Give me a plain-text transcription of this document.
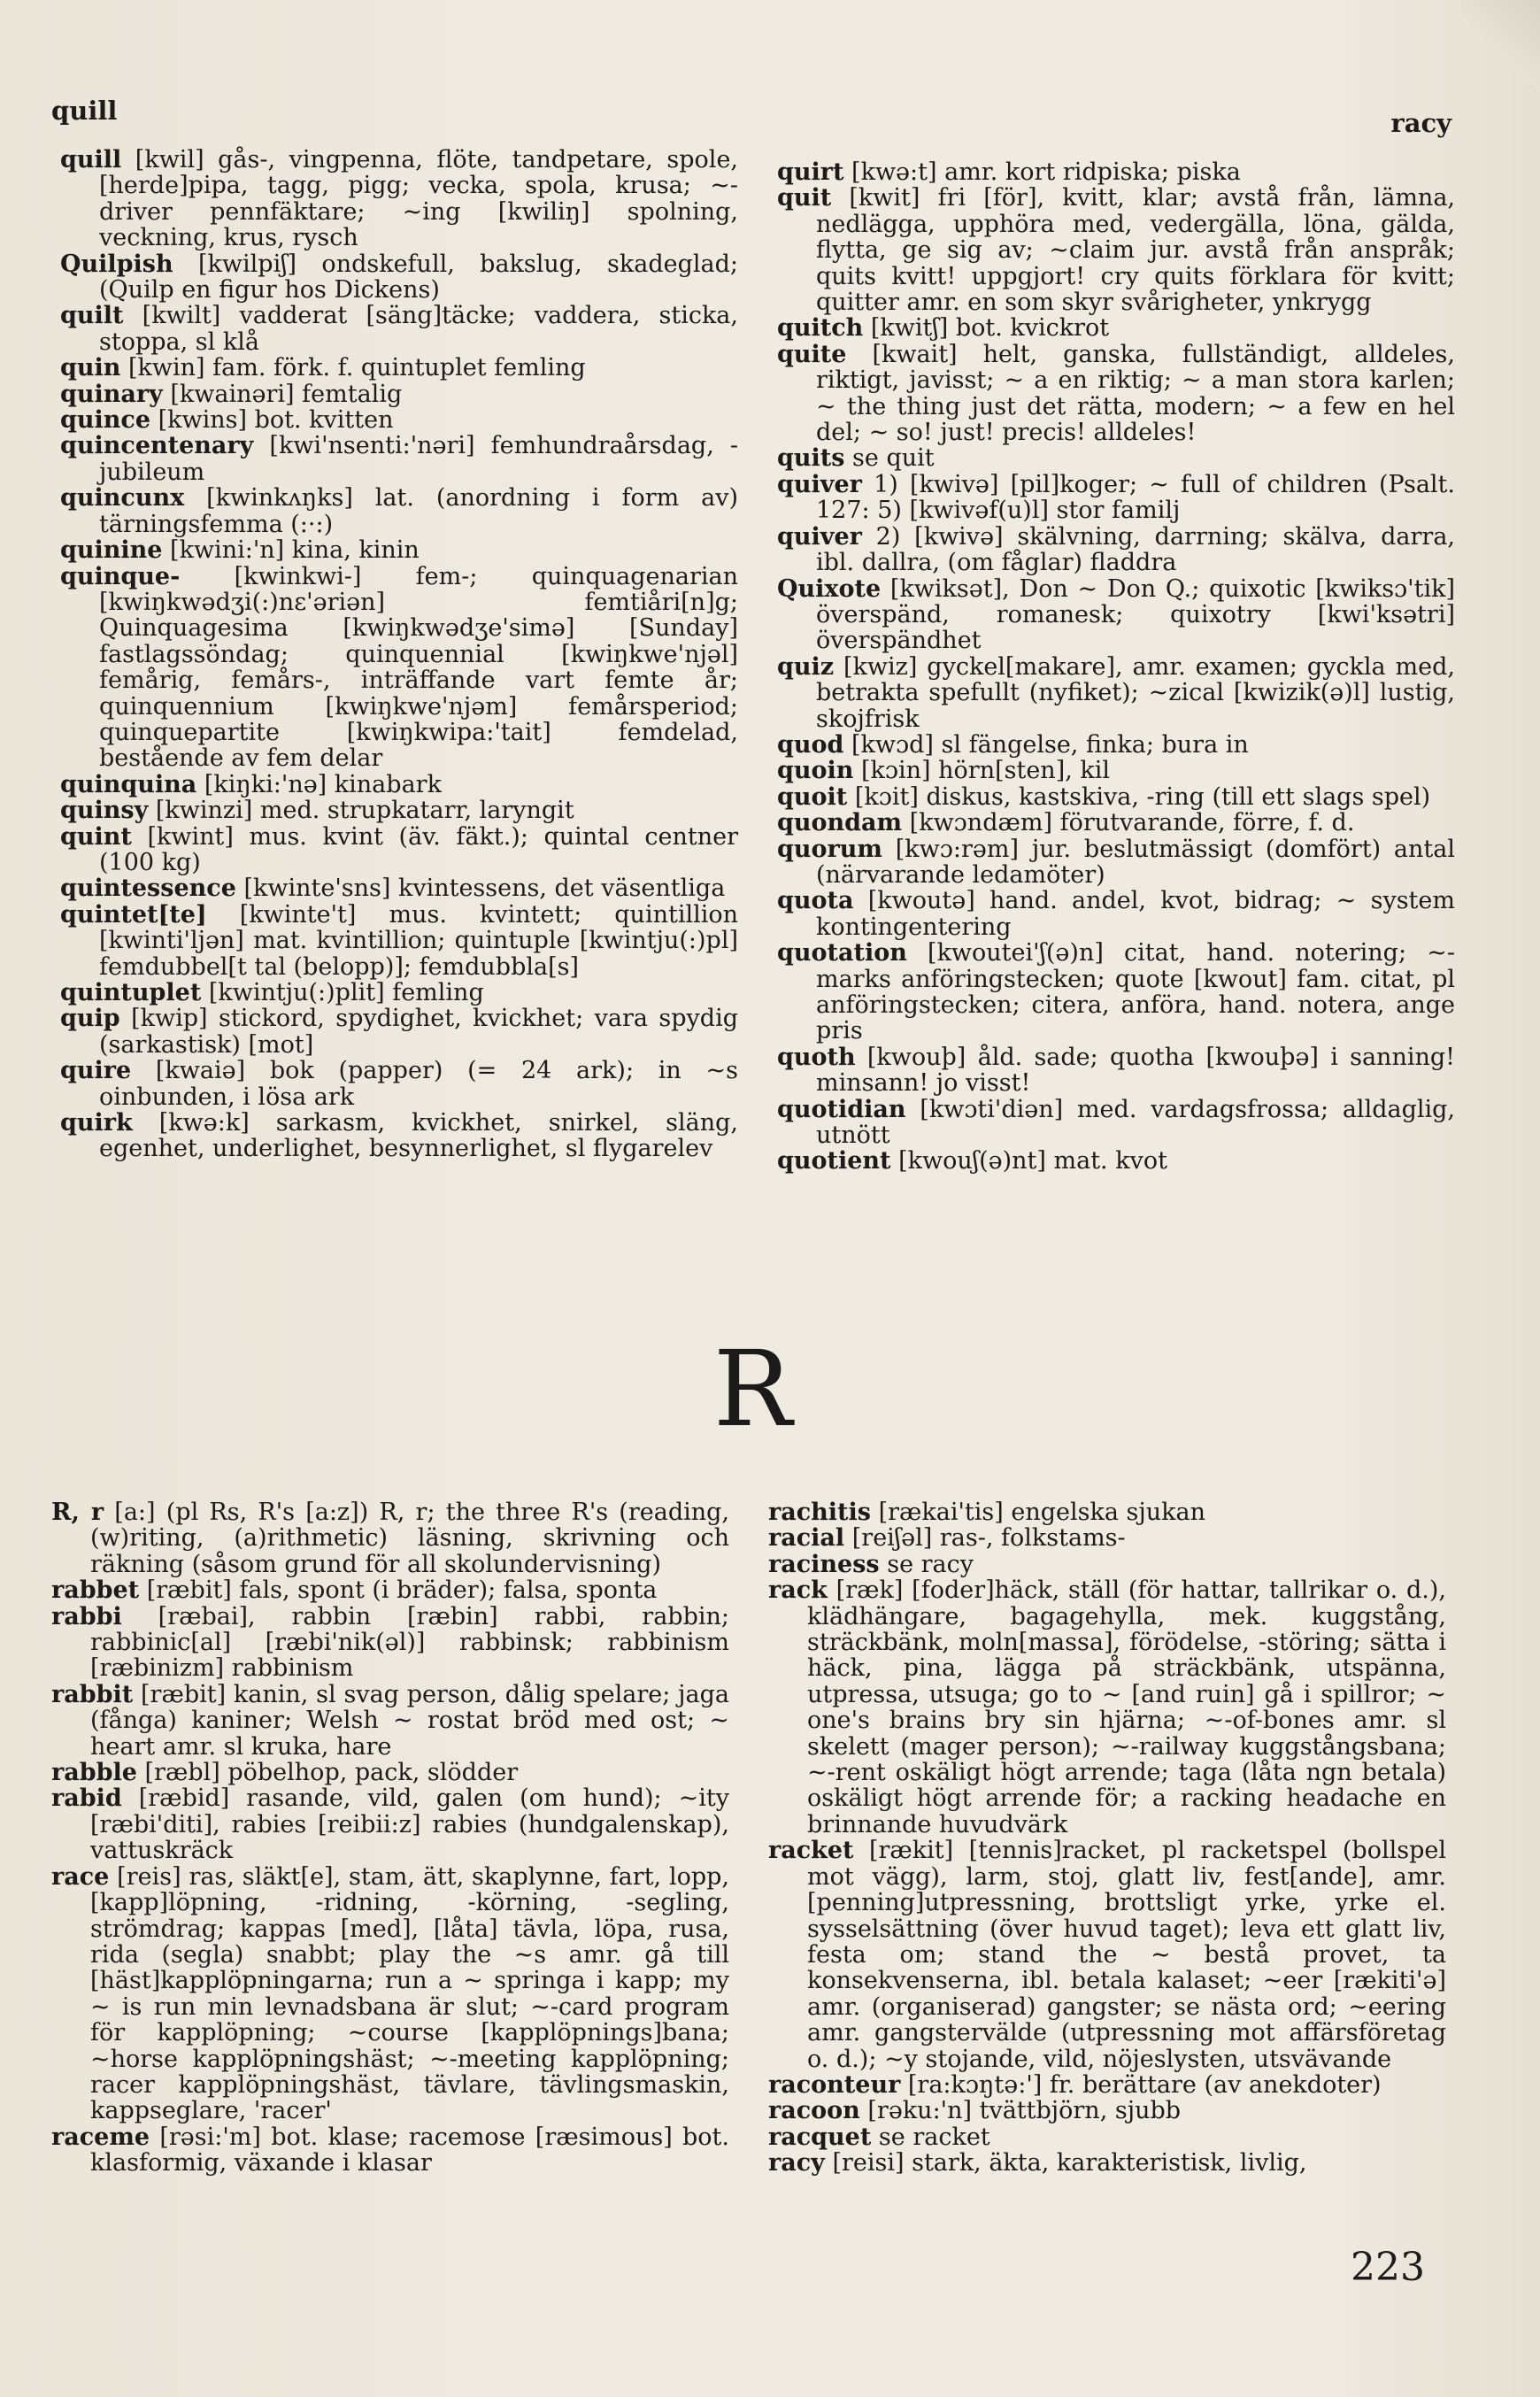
quill	racy

quill [kwil] gås-, vingpenna, flöte, tandpetare, spole, [herde]pipa, tagg, pigg; vecka, spola, krusa; ~-driver pennfäktare; ~ing [kwiliŋ] spolning, veckning, krus, rysch

Quilpish [kwilpiʃ] ondskefull, bakslug, skadeglad; (Quilp en figur hos Dickens)

quilt [kwilt] vadderat [säng]täcke; vaddera, sticka, stoppa, sl klå

quin [kwin] fam. förk. f. quintuplet femling

quinary [kwainəri] femtalig

quince [kwins] bot. kvitten

quincentenary [kwi'nsenti:'nəri] femhundraårsdag, -jubileum

quincunx [kwinkʌŋks] lat. (anordning i form av) tärningsfemma (:·:)

quinine [kwini:'n] kina, kinin

quinque- [kwinkwi-] fem-; quinquagenarian [kwiŋkwədʒi(:)nɛ'əriən] femtiåri[n]g; Quinquagesima [kwiŋkwədʒe'simə] [Sunday] fastlagssöndag; quinquennial [kwiŋkwe'njəl] femårig, femårs-, inträffande vart femte år; quinquennium [kwiŋkwe'njəm] femårsperiod; quinquepartite [kwiŋkwipa:'tait] femdelad, bestående av fem delar

quinquina [kiŋki:'nə] kinabark

quinsy [kwinzi] med. strupkatarr, laryngit

quint [kwint] mus. kvint (äv. fäkt.); quintal centner (100 kg)

quintessence [kwinte'sns] kvintessens, det väsentliga

quintet[te] [kwinte't] mus. kvintett; quintillion [kwinti'ljən] mat. kvintillion; quintuple [kwintju(:)pl] femdubbel[t tal (belopp)]; femdubbla[s]

quintuplet [kwintju(:)plit] femling

quip [kwip] stickord, spydighet, kvickhet; vara spydig (sarkastisk) [mot]

quire [kwaiə] bok (papper) (= 24 ark); in ~s oinbunden, i lösa ark

quirk [kwə:k] sarkasm, kvickhet, snirkel, släng, egenhet, underlighet, besynnerlighet, sl flygarelev

quirt [kwə:t] amr. kort ridpiska; piska

quit [kwit] fri [för], kvitt, klar; avstå från, lämna, nedlägga, upphöra med, vedergälla, löna, gälda, flytta, ge sig av; ~claim jur. avstå från anspråk; quits kvitt! uppgjort! cry quits förklara för kvitt; quitter amr. en som skyr svårigheter, ynkrygg

quitch [kwitʃ] bot. kvickrot

quite [kwait] helt, ganska, fullständigt, alldeles, riktigt, javisst; ~ a en riktig; ~ a man stora karlen; ~ the thing just det rätta, modern; ~ a few en hel del; ~ so! just! precis! alldeles!

quits se quit

quiver 1) [kwivə] [pil]koger; ~ full of children (Psalt. 127: 5) [kwivəf(u)l] stor familj

quiver 2) [kwivə] skälvning, darrning; skälva, darra, ibl. dallra, (om fåglar) fladdra

Quixote [kwiksət], Don ~ Don Q.; quixotic [kwiksɔ'tik] överspänd, romanesk; quixotry [kwi'ksətri] överspändhet

quiz [kwiz] gyckel[makare], amr. examen; gyckla med, betrakta spefullt (nyfiket); ~zical [kwizik(ə)l] lustig, skojfrisk

quod [kwɔd] sl fängelse, finka; bura in

quoin [kɔin] hörn[sten], kil

quoit [kɔit] diskus, kastskiva, -ring (till ett slags spel)

quondam [kwɔndæm] förutvarande, förre, f. d.

quorum [kwɔ:rəm] jur. beslutmässigt (domfört) antal (närvarande ledamöter)

quota [kwoutə] hand. andel, kvot, bidrag; ~ system kontingentering

quotation [kwoutei'ʃ(ə)n] citat, hand. notering; ~-marks anföringstecken; quote [kwout] fam. citat, pl anföringstecken; citera, anföra, hand. notera, ange pris

quoth [kwouþ] åld. sade; quotha [kwouþə] i sanning! minsann! jo visst!

quotidian [kwɔti'diən] med. vardagsfrossa; alldaglig, utnött

quotient [kwouʃ(ə)nt] mat. kvot

R

R, r [a:] (pl Rs, R's [a:z]) R, r; the three R's (reading, (w)riting, (a)rithmetic) läsning, skrivning och räkning (såsom grund för all skolundervisning)

rabbet [ræbit] fals, spont (i bräder); falsa, sponta

rabbi [ræbai], rabbin [ræbin] rabbi, rabbin; rabbinic[al] [ræbi'nik(əl)] rabbinsk; rabbinism [ræbinizm] rabbinism

rabbit [ræbit] kanin, sl svag person, dålig spelare; jaga (fånga) kaniner; Welsh ~ rostat bröd med ost; ~ heart amr. sl kruka, hare

rabble [ræbl] pöbelhop, pack, slödder

rabid [ræbid] rasande, vild, galen (om hund); ~ity [ræbi'diti], rabies [reibii:z] rabies (hundgalenskap), vattuskräck

race [reis] ras, släkt[e], stam, ätt, skaplynne, fart, lopp, [kapp]löpning, -ridning, -körning, -segling, strömdrag; kappas [med], [låta] tävla, löpa, rusa, rida (segla) snabbt; play the ~s amr. gå till [häst]kapplöpningarna; run a ~ springa i kapp; my ~ is run min levnadsbana är slut; ~-card program för kapplöpning; ~course [kapplöpnings]bana; ~horse kapplöpningshäst; ~-meeting kapplöpning; racer kapplöpningshäst, tävlare, tävlingsmaskin, kappseglare, 'racer'

raceme [rəsi:'m] bot. klase; racemose [ræsimous] bot. klasformig, växande i klasar

rachitis [rækai'tis] engelska sjukan

racial [reiʃəl] ras-, folkstams-

raciness se racy

rack [ræk] [foder]häck, ställ (för hattar, tallrikar o. d.), klädhängare, bagagehylla, mek. kuggstång, sträckbänk, moln[massa], förödelse, -störing; sätta i häck, pina, lägga på sträckbänk, utspänna, utpressa, utsuga; go to ~ [and ruin] gå i spillror; ~ one's brains bry sin hjärna; ~-of-bones amr. sl skelett (mager person); ~-railway kuggstångsbana; ~-rent oskäligt högt arrende; taga (låta ngn betala) oskäligt högt arrende för; a racking headache en brinnande huvudvärk

racket [rækit] [tennis]racket, pl racketspel (bollspel mot vägg), larm, stoj, glatt liv, fest[ande], amr. [penning]utpressning, brottsligt yrke, yrke el. sysselsättning (över huvud taget); leva ett glatt liv, festa om; stand the ~ bestå provet, ta konsekvenserna, ibl. betala kalaset; ~eer [rækiti'ə] amr. (organiserad) gangster; se nästa ord; ~eering amr. gangstervälde (utpressning mot affärsföretag o. d.); ~y stojande, vild, nöjeslysten, utsvävande

raconteur [ra:kɔŋtə:'] fr. berättare (av anekdoter)

racoon [rəku:'n] tvättbjörn, sjubb

racquet se racket

racy [reisi] stark, äkta, karakteristisk, livlig,

223
